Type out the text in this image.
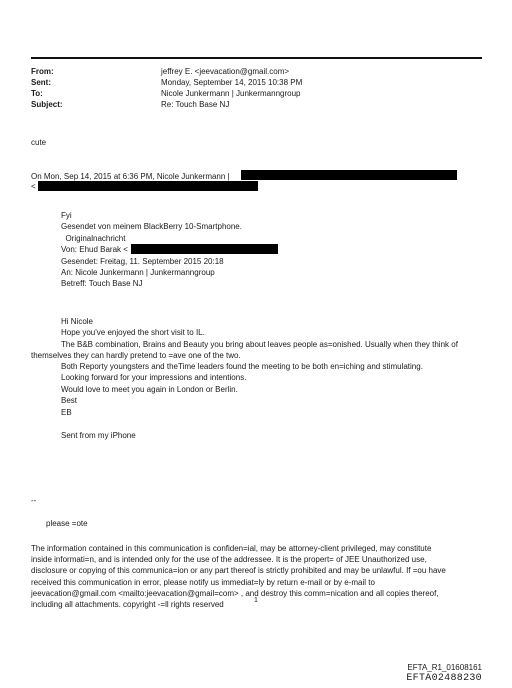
From:	jeffrey E. <jeevacation@gmail.com>
Sent:	Monday, September 14, 2015 10:38 PM
To:	Nicole Junkermann | Junkermanngroup
Subject:	Re: Touch Base NJ
cute
On Mon, Sep 14, 2015 at 6:36 PM, Nicole Junkermann |
<
Fyi
Gesendet von meinem BlackBerry 10-Smartphone.
Originalnachricht
Von: Ehud Barak <
Gesendet: Freitag, 11. September 2015 20:18
An: Nicole Junkermann | Junkermanngroup
Betreff: Touch Base NJ
Hi Nicole
Hope you've enjoyed the short visit to IL.
The B&B combination, Brains and Beauty you bring about leaves people as=onished. Usually when they think of
themselves they can hardly pretend to =ave one of the two.
Both Reporty youngsters and theTime leaders found the meeting to be both en=iching and stimulating.
Looking forward for your impressions and intentions.
Would love to meet you again in London or Berlin.
Best
EB
Sent from my iPhone
--
please =ote
The information contained in this communication is confiden=ial, may be attorney-client privileged, may constitute
inside informati=n, and is intended only for the use of the addressee. It is the propert= of JEE Unauthorized use,
disclosure or copying of this communica=ion or any part thereof is strictly prohibited and may be unlawful. If =ou have
received this communication in error, please notify us immediat=ly by return e-mail or by e-mail to
jeevacation@gmail.com <mailto:jeevacation@gmail=com> , and destroy this comm=nication and all copies thereof,
including all attachments. copyright -=ll rights reserved	1
EFTA_R1_01608161
EFTA02488230
